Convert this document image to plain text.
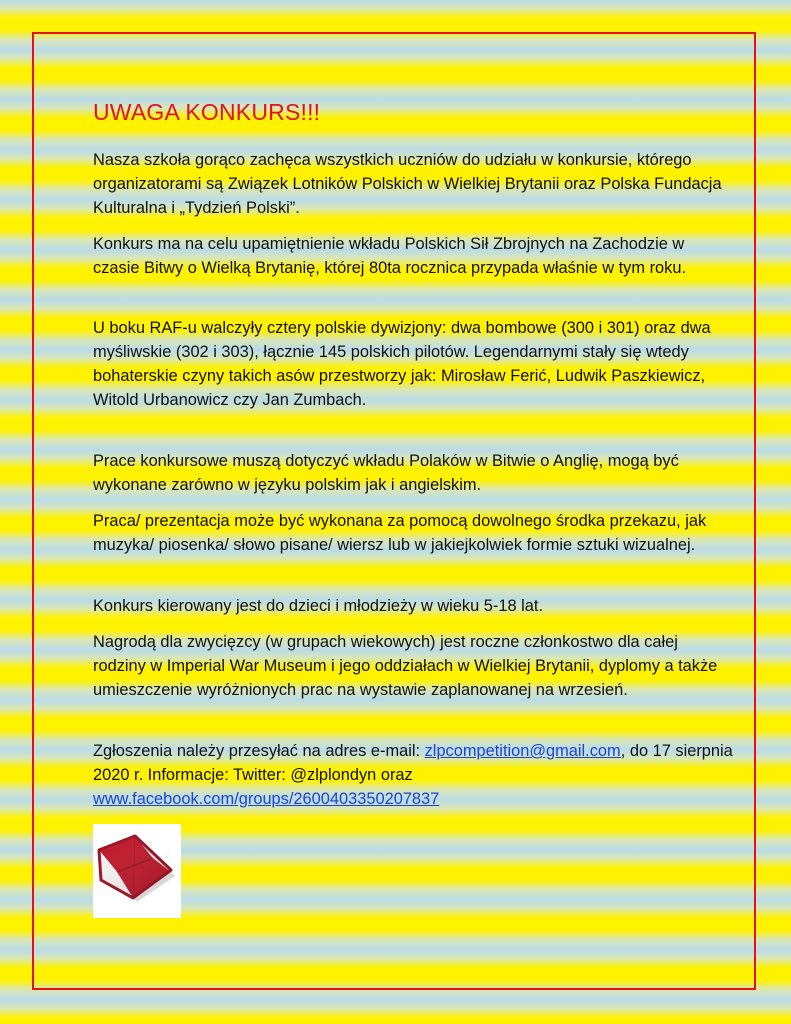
UWAGA KONKURS!!!

Nasza szkoła gorąco zachęca wszystkich uczniów do udziału w konkursie, którego organizatorami są Związek Lotników Polskich w Wielkiej Brytanii oraz Polska Fundacja Kulturalna i „Tydzień Polski”.

Konkurs ma na celu upamiętnienie wkładu Polskich Sił Zbrojnych na Zachodzie w czasie Bitwy o Wielką Brytanię, której 80ta rocznica przypada właśnie w tym roku.

U boku RAF-u walczyły cztery polskie dywizjony: dwa bombowe (300 i 301) oraz dwa myśliwskie (302 i 303), łącznie 145 polskich pilotów. Legendarnymi stały się wtedy bohaterskie czyny takich asów przestworzy jak: Mirosław Ferić, Ludwik Paszkiewicz, Witold Urbanowicz czy Jan Zumbach.

Prace konkursowe muszą dotyczyć wkładu Polaków w Bitwie o Anglię, mogą być wykonane zarówno w języku polskim jak i angielskim.

Praca/ prezentacja może być wykonana za pomocą dowolnego środka przekazu, jak muzyka/ piosenka/ słowo pisane/ wiersz lub w jakiejkolwiek formie sztuki wizualnej.

Konkurs kierowany jest do dzieci i młodzieży w wieku 5-18 lat.

Nagrodą dla zwycięzcy (w grupach wiekowych) jest roczne członkostwo dla całej rodziny w Imperial War Museum i jego oddziałach w Wielkiej Brytanii, dyplomy a także umieszczenie wyróżnionych prac na wystawie zaplanowanej na wrzesień.

Zgłoszenia należy przesyłać na adres e-mail: zlpcompetition@gmail.com, do 17 sierpnia 2020 r. Informacje: Twitter: @zlplondyn oraz www.facebook.com/groups/2600403350207837
